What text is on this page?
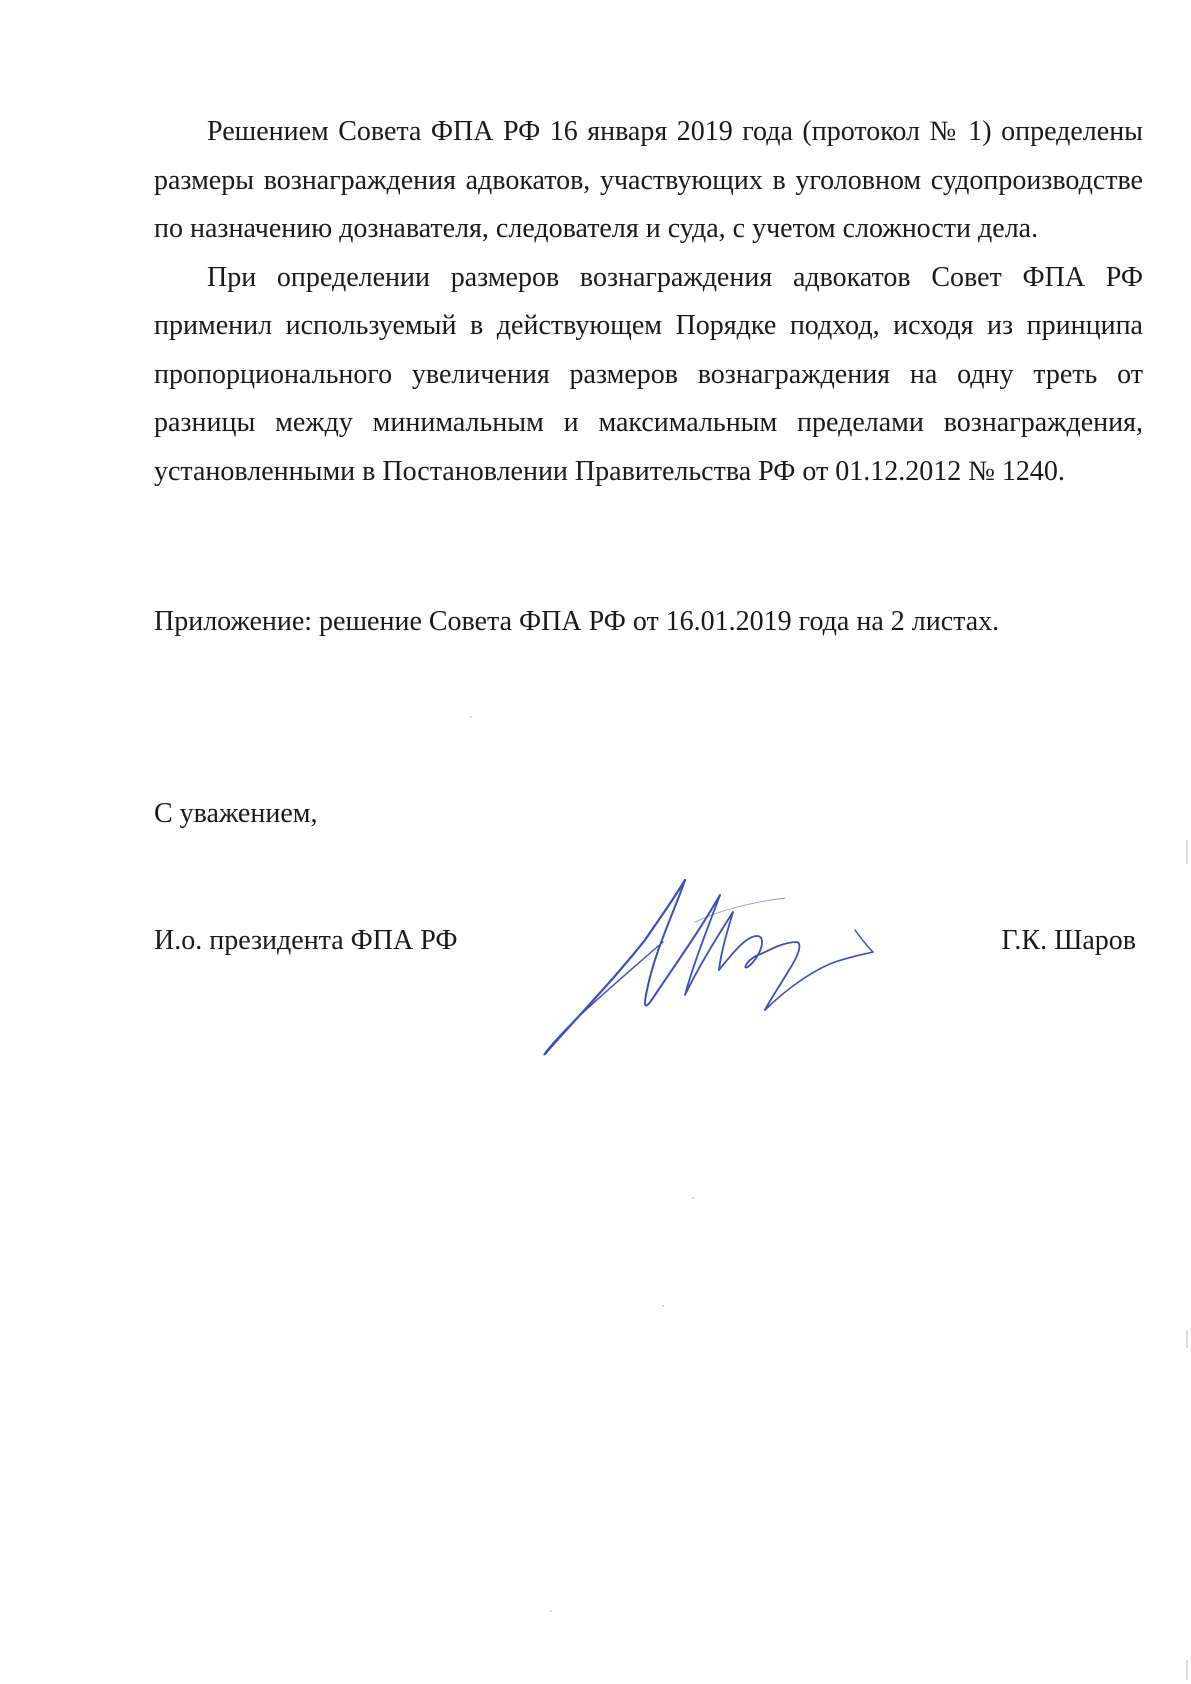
Решением Совета ФПА РФ 16 января 2019 года (протокол № 1) определены размеры вознаграждения адвокатов, участвующих в уголовном судопроизводстве по назначению дознавателя, следователя и суда, с учетом сложности дела.

При определении размеров вознаграждения адвокатов Совет ФПА РФ применил используемый в действующем Порядке подход, исходя из принципа пропорционального увеличения размеров вознаграждения на одну треть от разницы между минимальным и максимальным пределами вознаграждения, установленными в Постановлении Правительства РФ от 01.12.2012 № 1240.

Приложение: решение Совета ФПА РФ от 16.01.2019 года на 2 листах.
С уважением,
И.о. президента ФПА РФ	Г.К. Шаров
